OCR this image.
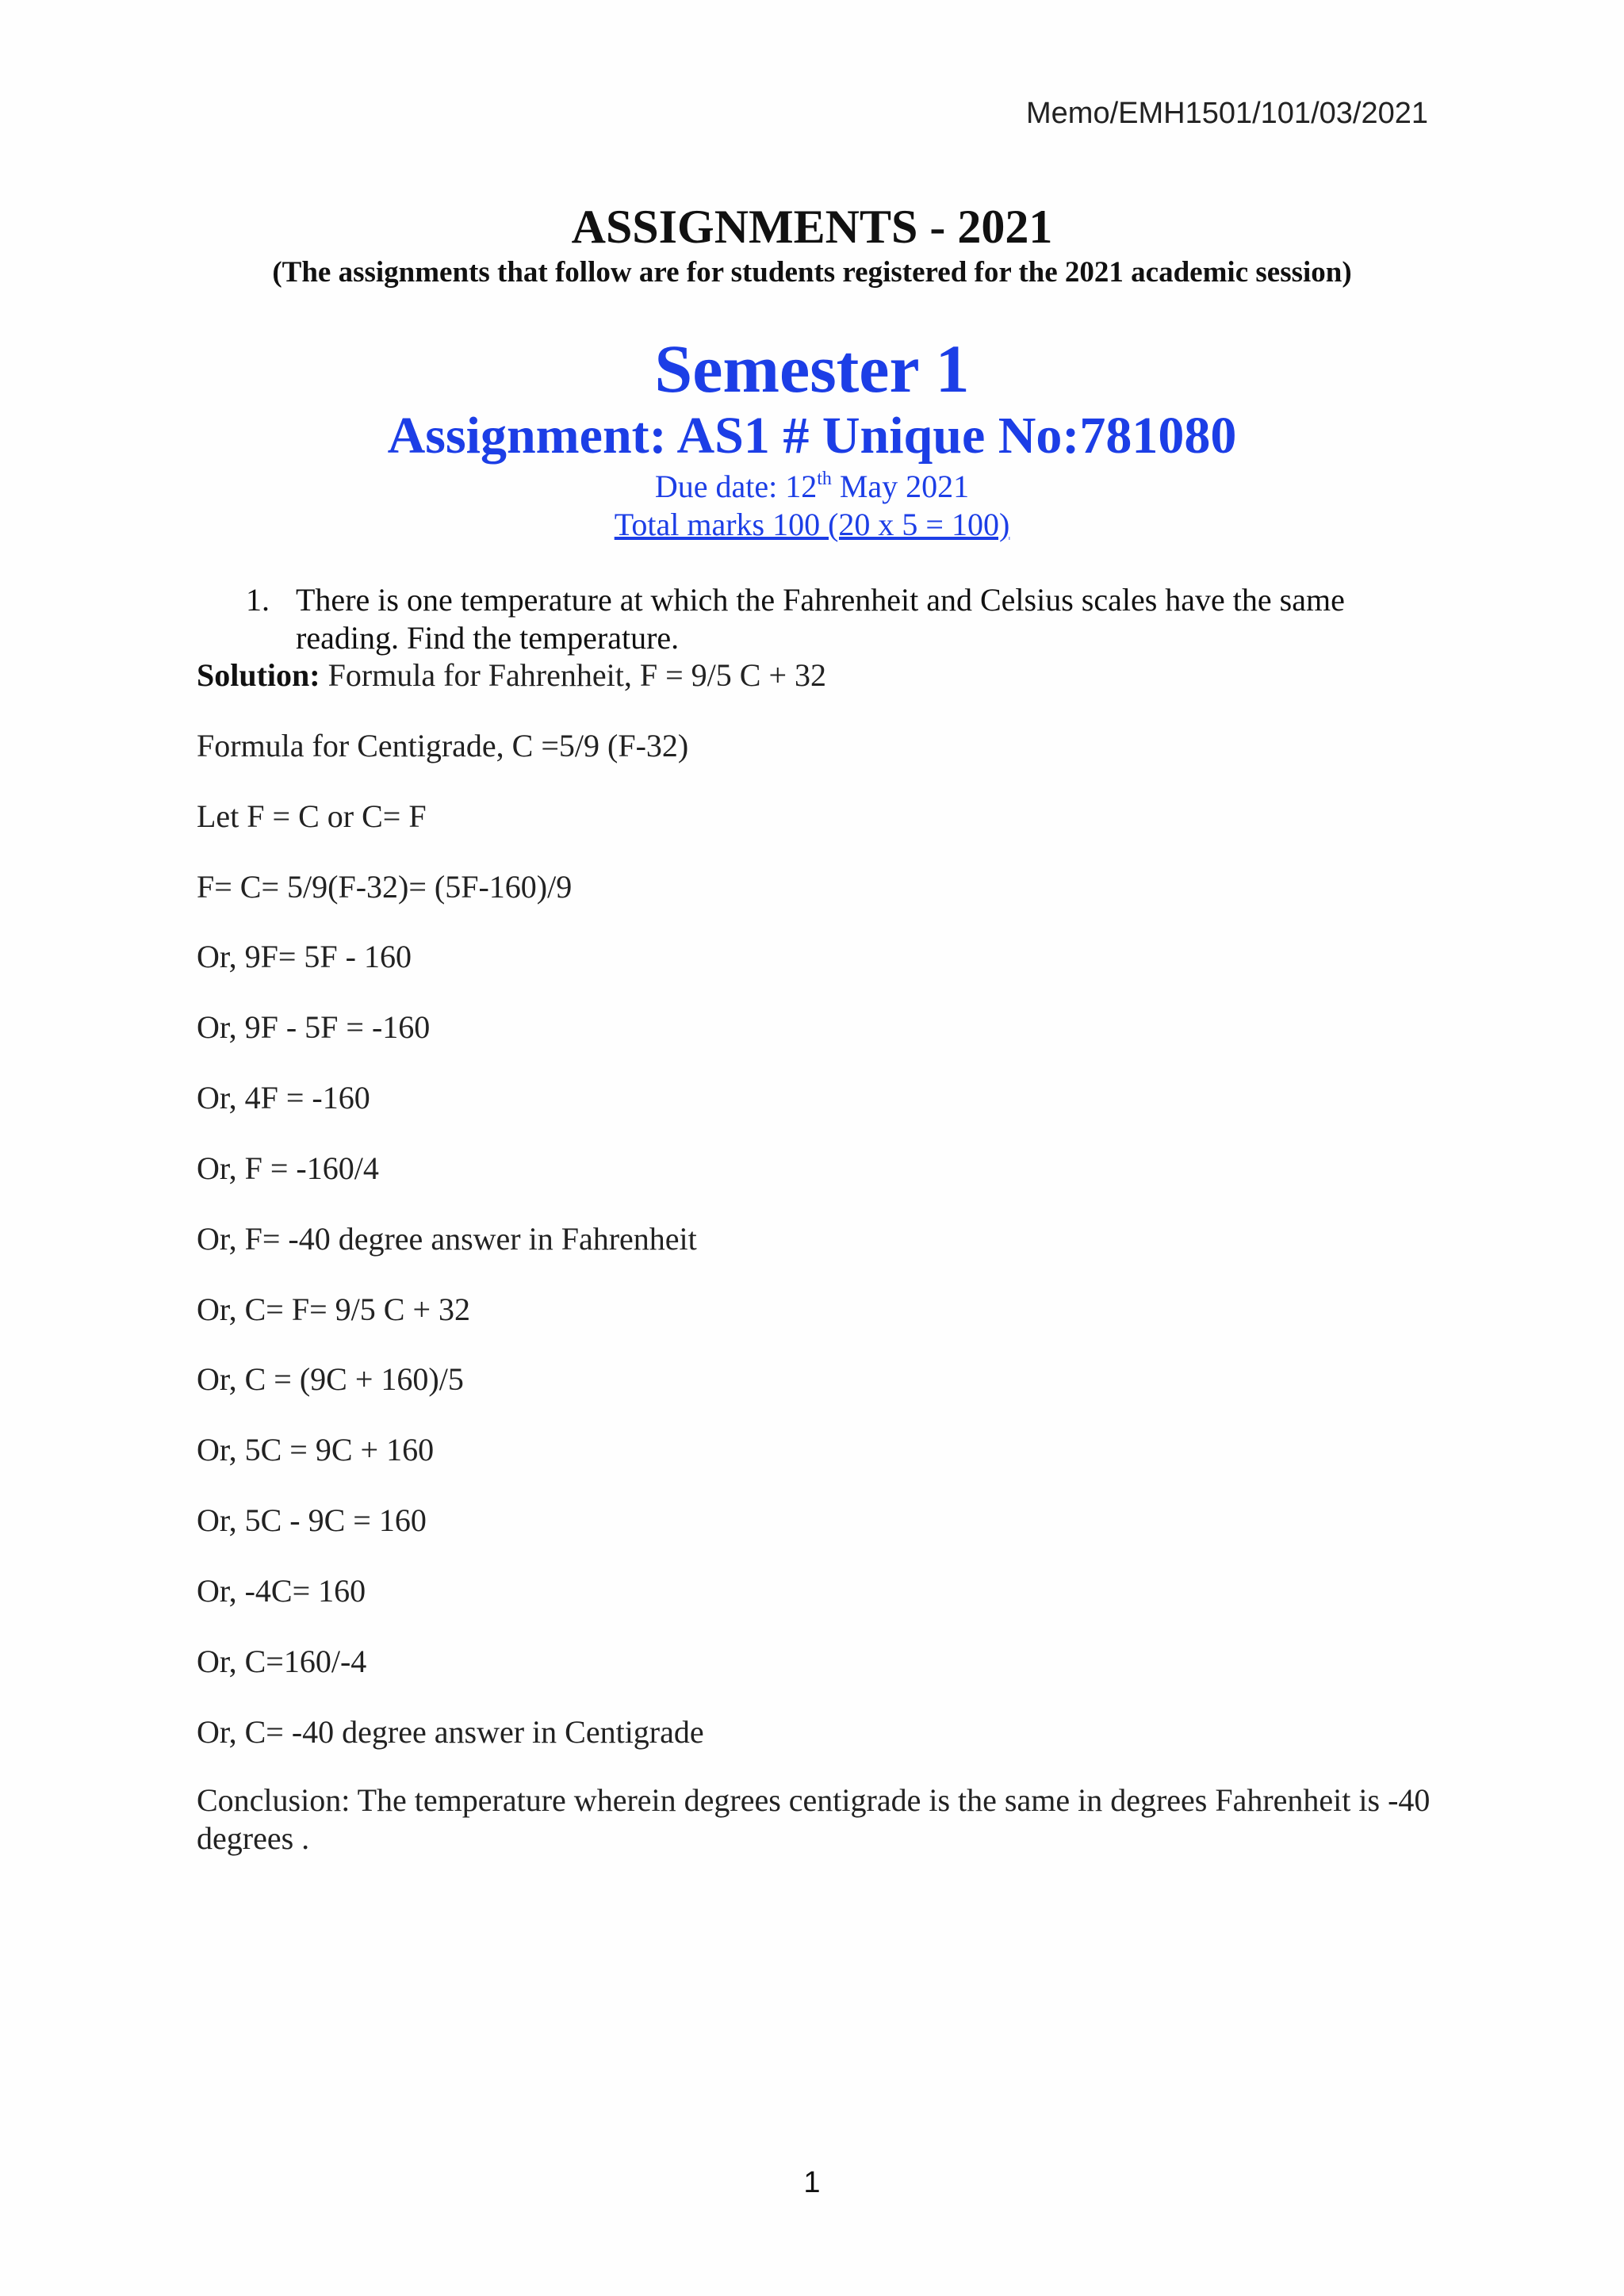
Memo/EMH1501/101/03/2021
ASSIGNMENTS - 2021
(The assignments that follow are for students registered for the 2021 academic session)
Semester 1
Assignment: AS1 # Unique No:781080
Due date: 12th May 2021
Total marks 100 (20 x 5 = 100)
1. There is one temperature at which the Fahrenheit and Celsius scales have the same reading. Find the temperature.
Solution: Formula for Fahrenheit, F = 9/5 C + 32
Formula for Centigrade, C =5/9 (F-32)
Let F = C or C= F
F= C= 5/9(F-32)= (5F-160)/9
Or, 9F= 5F - 160
Or, 9F - 5F = -160
Or, 4F = -160
Or, F = -160/4
Or, F= -40 degree answer in Fahrenheit
Or, C= F= 9/5 C + 32
Or, C = (9C + 160)/5
Or, 5C = 9C + 160
Or, 5C - 9C = 160
Or, -4C= 160
Or, C=160/-4
Or, C= -40 degree answer in Centigrade
Conclusion: The temperature wherein degrees centigrade is the same in degrees Fahrenheit is -40 degrees .
1
